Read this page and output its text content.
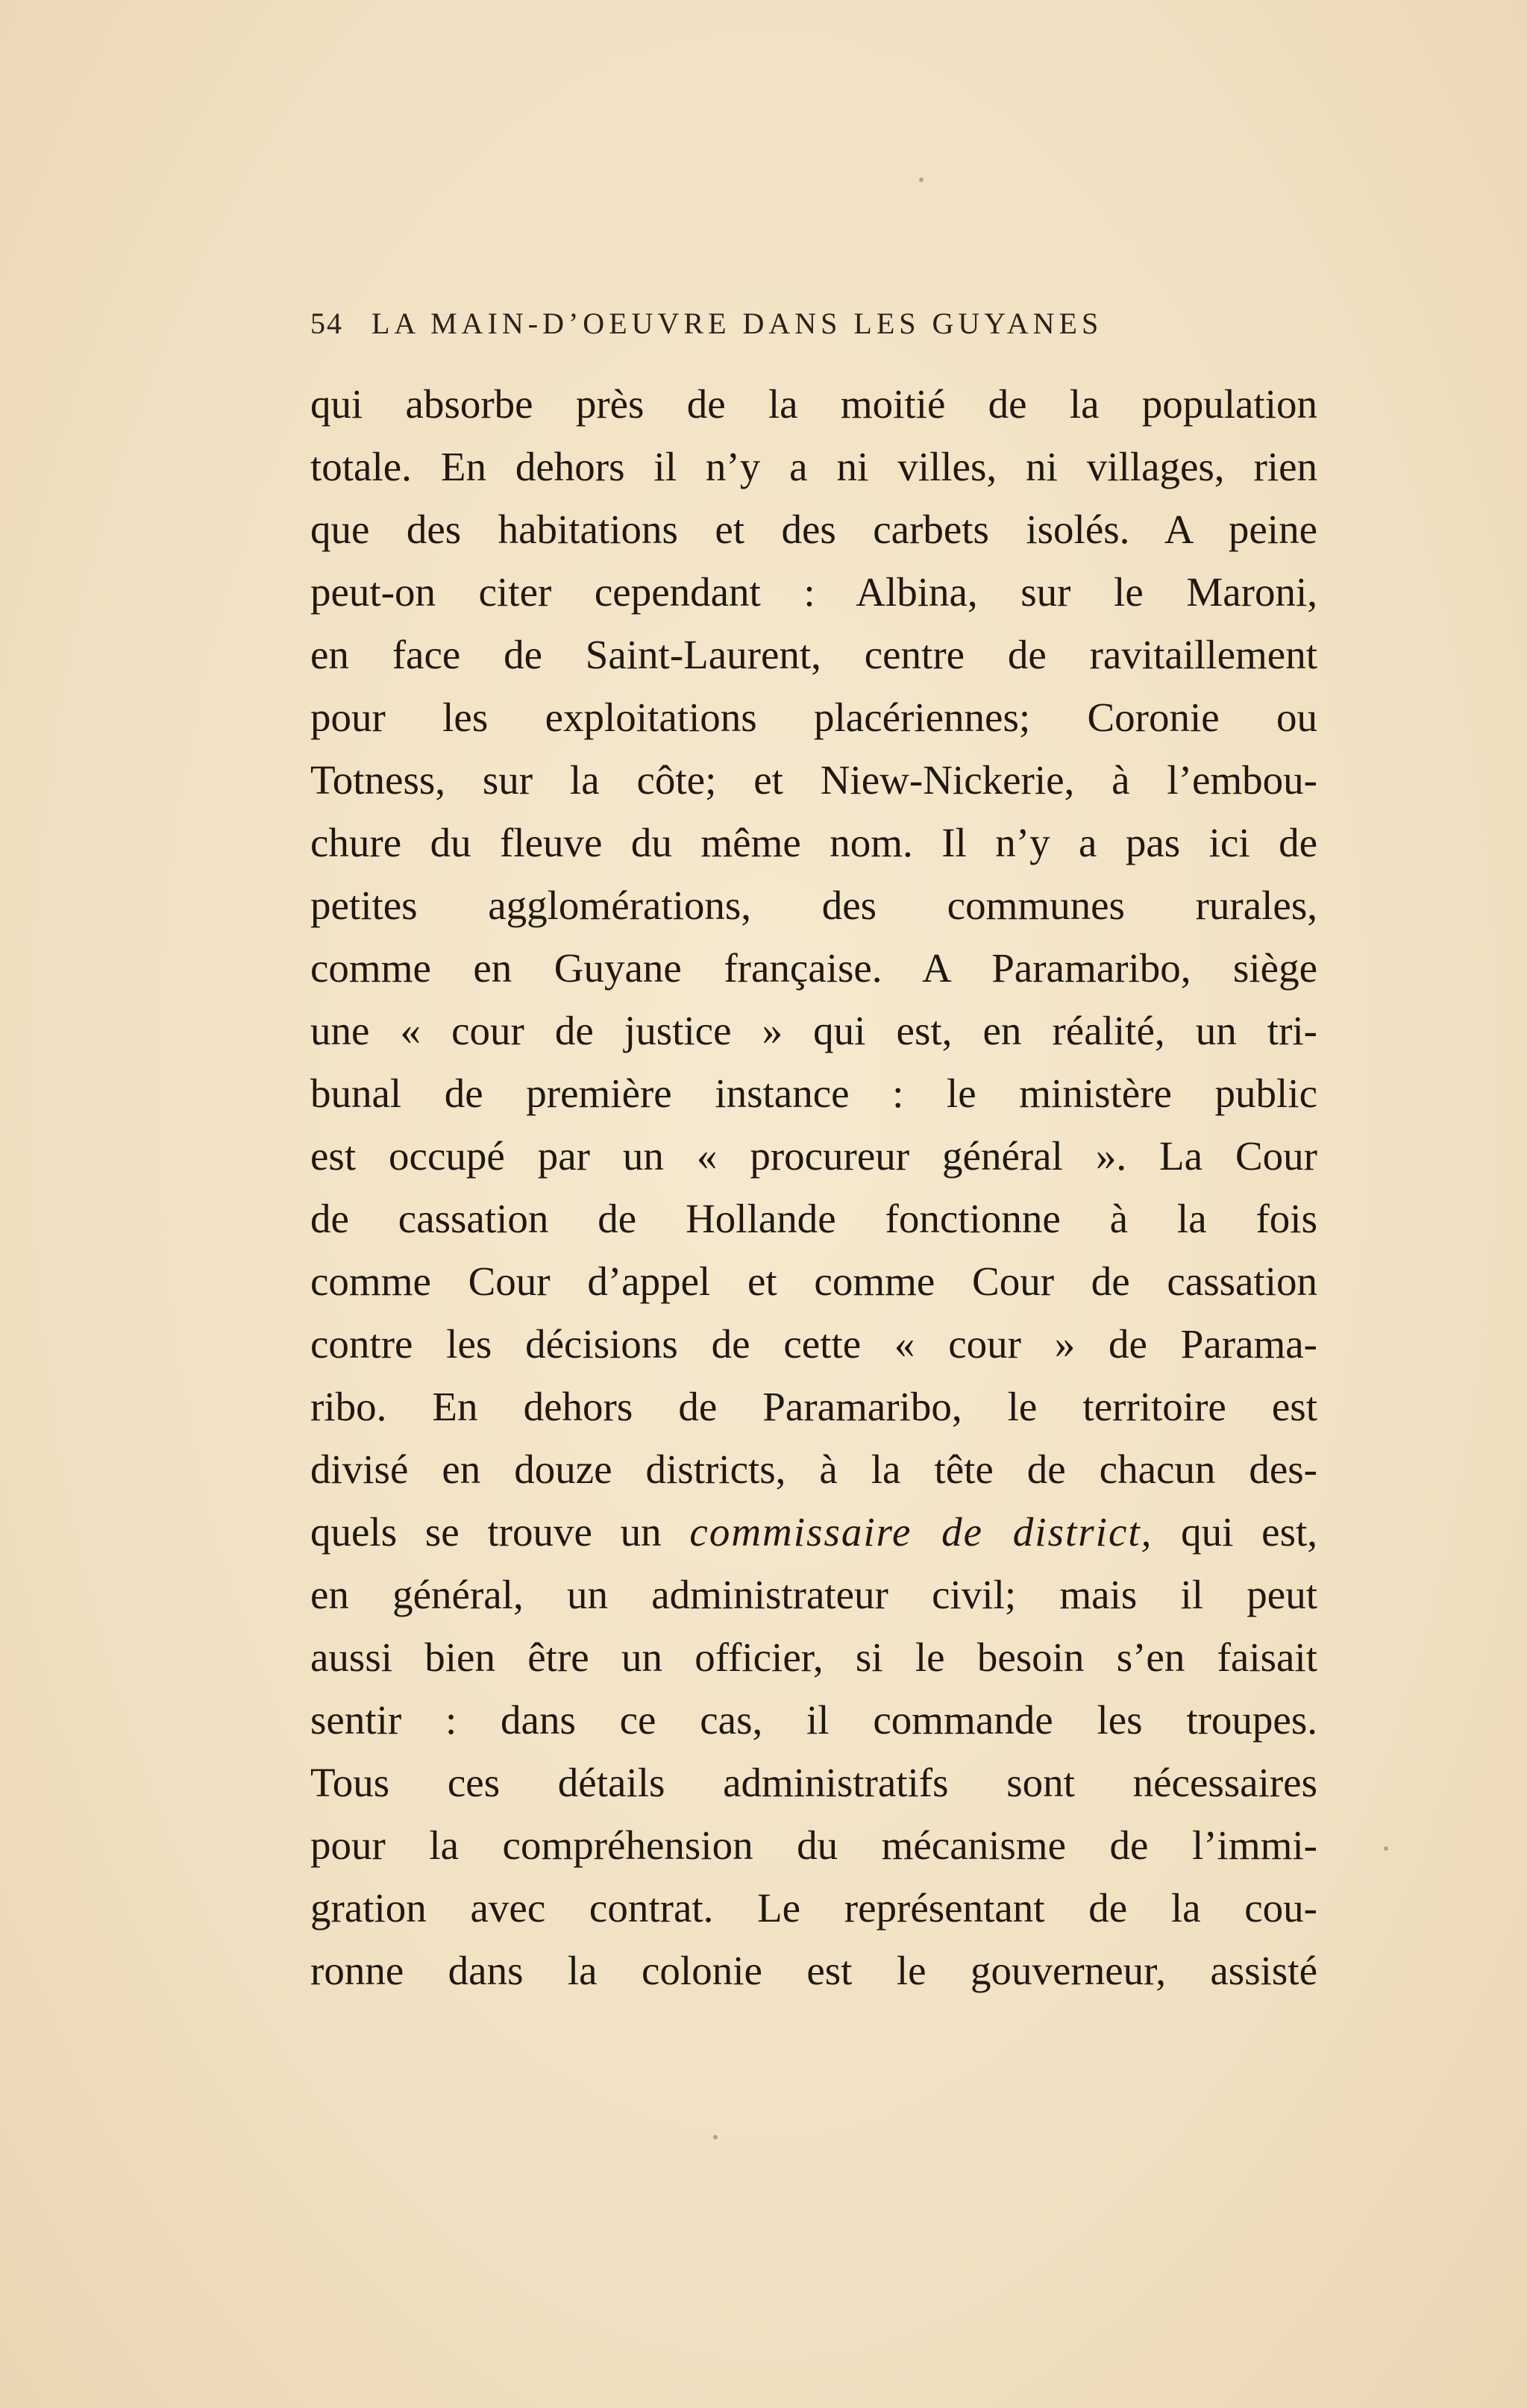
54 LA MAIN-D’OEUVRE DANS LES GUYANES
qui absorbe près de la moitié de la population
totale. En dehors il n’y a ni villes, ni villages, rien
que des habitations et des carbets isolés. A peine
peut-on citer cependant : Albina, sur le Maroni,
en face de Saint-Laurent, centre de ravitaillement
pour les exploitations placériennes; Coronie ou
Totness, sur la côte; et Niew-Nickerie, à l’embou-
chure du fleuve du même nom. Il n’y a pas ici de
petites agglomérations, des communes rurales,
comme en Guyane française. A Paramaribo, siège
une « cour de justice » qui est, en réalité, un tri-
bunal de première instance : le ministère public
est occupé par un « procureur général ». La Cour
de cassation de Hollande fonctionne à la fois
comme Cour d’appel et comme Cour de cassation
contre les décisions de cette « cour » de Parama-
ribo. En dehors de Paramaribo, le territoire est
divisé en douze districts, à la tête de chacun des-
quels se trouve un commissaire de district, qui est,
en général, un administrateur civil; mais il peut
aussi bien être un officier, si le besoin s’en faisait
sentir : dans ce cas, il commande les troupes.
Tous ces détails administratifs sont nécessaires
pour la compréhension du mécanisme de l’immi-
gration avec contrat. Le représentant de la cou-
ronne dans la colonie est le gouverneur, assisté
